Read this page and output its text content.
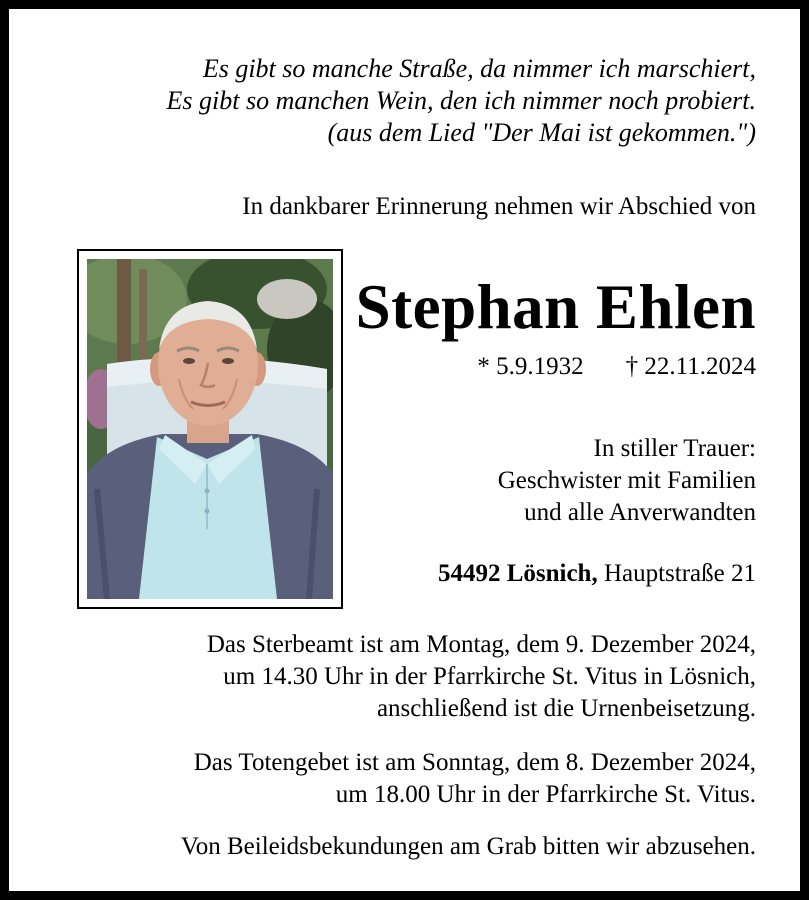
Es gibt so manche Straße, da nimmer ich marschiert,
Es gibt so manchen Wein, den ich nimmer noch probiert.
(aus dem Lied "Der Mai ist gekommen.")
In dankbarer Erinnerung nehmen wir Abschied von
Stephan Ehlen
* 5.9.1932 † 22.11.2024
In stiller Trauer:
Geschwister mit Familien
und alle Anverwandten
54492 Lösnich, Hauptstraße 21
Das Sterbeamt ist am Montag, dem 9. Dezember 2024,
um 14.30 Uhr in der Pfarrkirche St. Vitus in Lösnich,
anschließend ist die Urnenbeisetzung.
Das Totengebet ist am Sonntag, dem 8. Dezember 2024,
um 18.00 Uhr in der Pfarrkirche St. Vitus.
Von Beileidsbekundungen am Grab bitten wir abzusehen.
